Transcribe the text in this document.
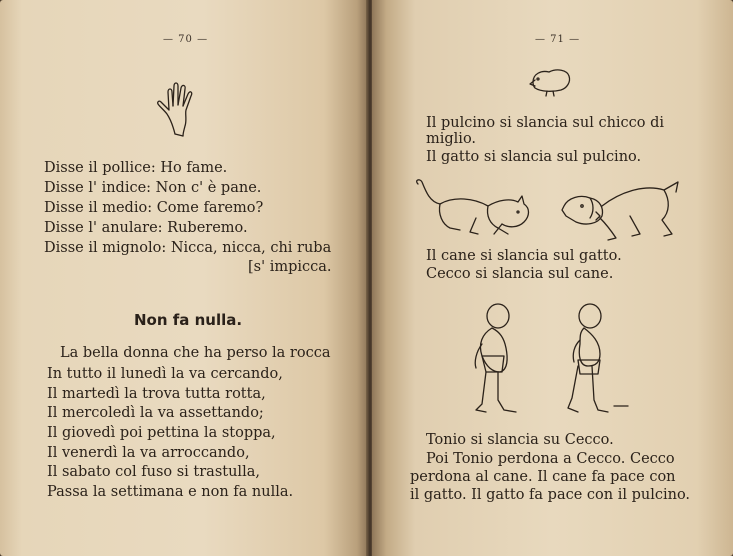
— 70 —
Disse il pollice: Ho fame.
Disse l' indice: Non c' è pane.
Disse il medio: Come faremo?
Disse l' anulare: Ruberemo.
Disse il mignolo: Nicca, nicca, chi ruba
[s' impicca.
Non fa nulla.
La bella donna che ha perso la rocca
In tutto il lunedì la va cercando,
Il martedì la trova tutta rotta,
Il mercoledì la va assettando;
Il giovedì poi pettina la stoppa,
Il venerdì la va arroccando,
Il sabato col fuso si trastulla,
Passa la settimana e non fa nulla.
— 71 —
Il pulcino si slancia sul chicco di
miglio.
Il gatto si slancia sul pulcino.
Il cane si slancia sul gatto.
Cecco si slancia sul cane.
Tonio si slancia su Cecco.
Poi Tonio perdona a Cecco. Cecco
perdona al cane. Il cane fa pace con
il gatto. Il gatto fa pace con il pulcino.
